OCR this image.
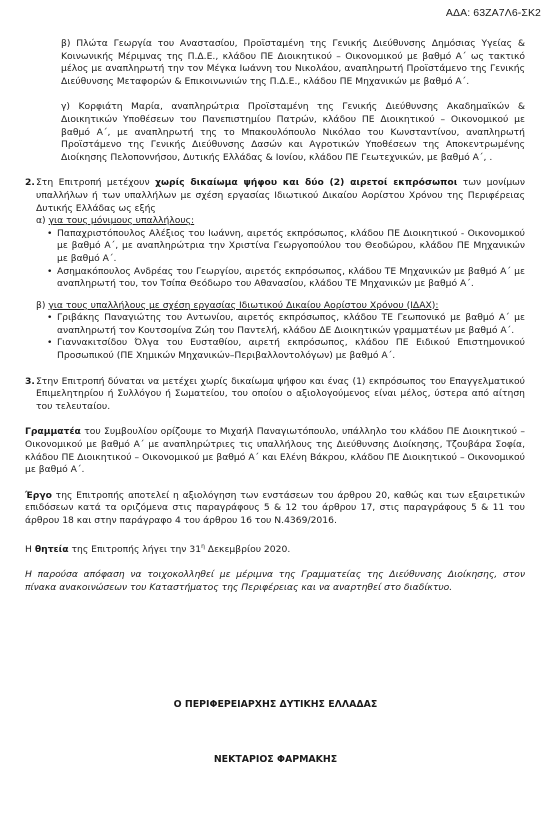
ΑΔΑ: 63ΖΑ7Λ6-ΣΚ2

β) Πλώτα Γεωργία του Αναστασίου, Προϊσταμένη της Γενικής Διεύθυνσης Δημόσιας Υγείας & Κοινωνικής Μέριμνας της Π.Δ.Ε., κλάδου ΠΕ Διοικητικού – Οικονομικού με βαθμό Α΄ ως τακτικό μέλος με αναπληρωτή την τον Μέγκα Ιωάννη του Νικολάου, αναπληρωτή Προϊστάμενο της Γενικής Διεύθυνσης Μεταφορών & Επικοινωνιών της Π.Δ.Ε., κλάδου ΠΕ Μηχανικών με βαθμό Α΄.

γ) Κορφιάτη Μαρία, αναπληρώτρια Προϊσταμένη της Γενικής Διεύθυνσης Ακαδημαϊκών & Διοικητικών Υποθέσεων του Πανεπιστημίου Πατρών, κλάδου ΠΕ Διοικητικού – Οικονομικού με βαθμό Α΄, με αναπληρωτή της το Μπακουλόπουλο Νικόλαο του Κωνσταντίνου, αναπληρωτή Προϊστάμενο της Γενικής Διεύθυνσης Δασών και Αγροτικών Υποθέσεων της Αποκεντρωμένης Διοίκησης Πελοποννήσου, Δυτικής Ελλάδας & Ιονίου, κλάδου ΠΕ Γεωτεχνικών, με βαθμό Α΄, .

2. Στη Επιτροπή μετέχουν χωρίς δικαίωμα ψήφου και δύο (2) αιρετοί εκπρόσωποι των μονίμων υπαλλήλων ή των υπαλλήλων με σχέση εργασίας Ιδιωτικού Δικαίου Αορίστου Χρόνου της Περιφέρειας Δυτικής Ελλάδας ως εξής

α) για τους μόνιμους υπαλλήλους:

• Παπαχριστόπουλος Αλέξιος του Ιωάννη, αιρετός εκπρόσωπος, κλάδου ΠΕ Διοικητικού - Οικονομικού με βαθμό Α΄, με αναπληρώτρια την Χριστίνα Γεωργοπούλου του Θεοδώρου, κλάδου ΠΕ Μηχανικών με βαθμό Α΄.
• Ασημακόπουλος Ανδρέας του Γεωργίου, αιρετός εκπρόσωπος, κλάδου ΤΕ Μηχανικών με βαθμό Α΄ με αναπληρωτή του, τον Τσίπα Θεόδωρο του Αθανασίου, κλάδου ΤΕ Μηχανικών με βαθμό Α΄.

β) για τους υπαλλήλους με σχέση εργασίας Ιδιωτικού Δικαίου Αορίστου Χρόνου (ΙΔΑΧ):

• Γριβάκης Παναγιώτης του Αντωνίου, αιρετός εκπρόσωπος, κλάδου ΤΕ Γεωπονικό με βαθμό Α΄ με αναπληρωτή τον Κουτσομίνα Ζώη του Παντελή, κλάδου ΔΕ Διοικητικών γραμματέων με βαθμό Α΄.
• Γιαννακιτσίδου Όλγα του Ευσταθίου, αιρετή εκπρόσωπος, κλάδου ΠΕ Ειδικού Επιστημονικού Προσωπικού (ΠΕ Χημικών Μηχανικών–Περιβαλλοντολόγων) με βαθμό Α΄.
3. Στην Επιτροπή δύναται να μετέχει χωρίς δικαίωμα ψήφου και ένας (1) εκπρόσωπος του Επαγγελματικού Επιμελητηρίου ή Συλλόγου ή Σωματείου, του οποίου ο αξιολογούμενος είναι μέλος, ύστερα από αίτηση του τελευταίου.

Γραμματέα του Συμβουλίου ορίζουμε το Μιχαήλ Παναγιωτόπουλο, υπάλληλο του κλάδου ΠΕ Διοικητικού – Οικονομικού με βαθμό Α΄ με αναπληρώτριες τις υπαλλήλους της Διεύθυνσης Διοίκησης, Τζουβάρα Σοφία, κλάδου ΠΕ Διοικητικού – Οικονομικού με βαθμό Α΄ και Ελένη Βάκρου, κλάδου ΠΕ Διοικητικού – Οικονομικού με βαθμό Α΄.

Έργο της Επιτροπής αποτελεί η αξιολόγηση των ενστάσεων του άρθρου 20, καθώς και των εξαιρετικών επιδόσεων κατά τα οριζόμενα στις παραγράφους 5 & 12 του άρθρου 17, στις παραγράφους 5 & 11 του άρθρου 18 και στην παράγραφο 4 του άρθρου 16 του Ν.4369/2016.

Η θητεία της Επιτροπής λήγει την $31^\eta$ Δεκεμβρίου 2020.

Η παρούσα απόφαση να τοιχοκολληθεί με μέριμνα της Γραμματείας της Διεύθυνσης Διοίκησης, στον πίνακα ανακοινώσεων του Καταστήματος της Περιφέρειας και να αναρτηθεί στο διαδίκτυο.

Ο ΠΕΡΙΦΕΡΕΙΑΡΧΗΣ ΔΥΤΙΚΗΣ ΕΛΛΑΔΑΣ
ΝΕΚΤΑΡΙΟΣ ΦΑΡΜΑΚΗΣ
